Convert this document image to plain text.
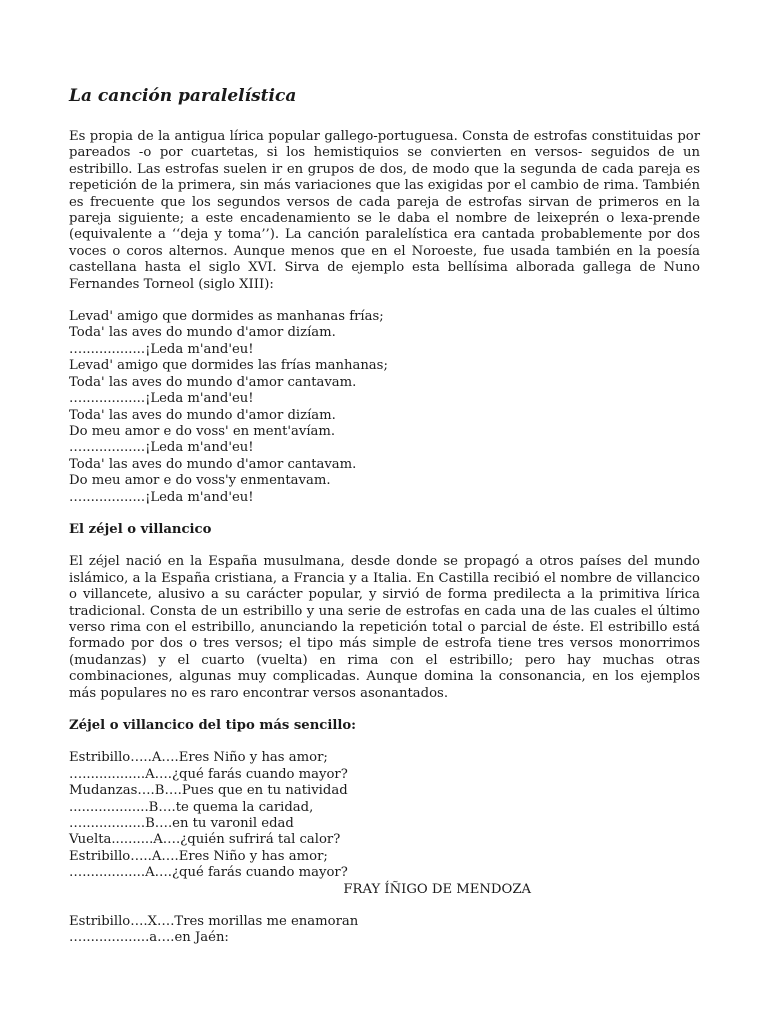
La canción paralelística

Es propia de la antigua lírica popular gallego-portuguesa. Consta de estrofas constituidas por pareados -o por cuartetas, si los hemistiquios se convierten en versos- seguidos de un estribillo. Las estrofas suelen ir en grupos de dos, de modo que la segunda de cada pareja es repetición de la primera, sin más variaciones que las exigidas por el cambio de rima. También es frecuente que los segundos versos de cada pareja de estrofas sirvan de primeros en la pareja siguiente; a este encadenamiento se le daba el nombre de leixeprén o lexa-prende (equivalente a ‘‘deja y toma’’). La canción paralelística era cantada probablemente por dos voces o coros alternos. Aunque menos que en el Noroeste, fue usada también en la poesía castellana hasta el siglo XVI. Sirva de ejemplo esta bellísima alborada gallega de Nuno Fernandes Torneol (siglo XIII):

Levad' amigo que dormides as manhanas frías;

Toda' las aves do mundo d'amor dizíam.

…...............¡Leda m'and'eu!

Levad' amigo que dormides las frías manhanas;

Toda' las aves do mundo d'amor cantavam.

…...............¡Leda m'and'eu!

Toda' las aves do mundo d'amor dizíam.

Do meu amor e do voss' en ment'avíam.

…...............¡Leda m'and'eu!

Toda' las aves do mundo d'amor cantavam.

Do meu amor e do voss'y enmentavam.

…...............¡Leda m'and'eu!

El zéjel o villancico

El zéjel nació en la España musulmana, desde donde se propagó a otros países del mundo islámico, a la España cristiana, a Francia y a Italia. En Castilla recibió el nombre de villancico o villancete, alusivo a su carácter popular, y sirvió de forma predilecta a la primitiva lírica tradicional. Consta de un estribillo y una serie de estrofas en cada una de las cuales el último verso rima con el estribillo, anunciando la repetición total o parcial de éste. El estribillo está formado por dos o tres versos; el tipo más simple de estrofa tiene tres versos monorrimos (mudanzas) y el cuarto (vuelta) en rima con el estribillo; pero hay muchas otras combinaciones, algunas muy complicadas. Aunque domina la consonancia, en los ejemplos más populares no es raro encontrar versos asonantados.

Zéjel o villancico del tipo más sencillo:

Estribillo…..A….Eres Niño y has amor;

…...............A….¿qué farás cuando mayor?

Mudanzas….B….Pues que en tu natividad

...................B….te quema la caridad,

…...............B….en tu varonil edad

Vuelta..........A….¿quién sufrirá tal calor?

Estribillo…..A….Eres Niño y has amor;

…...............A….¿qué farás cuando mayor?

FRAY ÍÑIGO DE MENDOZA

Estribillo….X….Tres morillas me enamoran

…................a….en Jaén:
